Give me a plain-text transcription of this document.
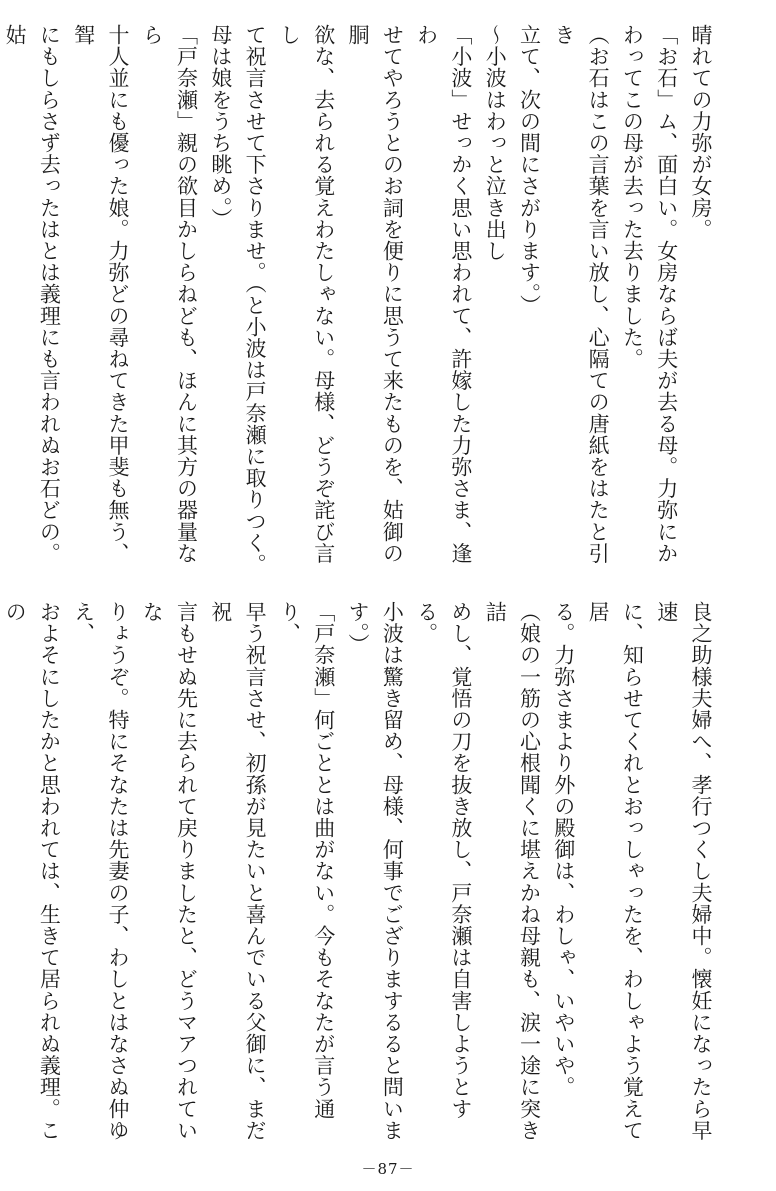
晴れての力弥が女房。

「お石」ム、面白い。女房ならば夫が去る母。力弥にか

わってこの母が去った去りました。

（お石はこの言葉を言い放し、心隔ての唐紙をはたと引き

立て、次の間にさがります。）

～小波はわっと泣き出し

「小波」せっかく思い思われて、許嫁した力弥さま、逢わ

せてやろうとのお詞を便りに思うて来たものを、姑御の胴

欲な、去られる覚えわたしゃない。母様、どうぞ詫び言し

て祝言させて下さりませ。（と小波は戸奈瀬に取りつく。

母は娘をうち眺め。）

「戸奈瀬」親の欲目かしらねども、ほんに其方の器量なら

十人並にも優った娘。力弥どの尋ねてきた甲斐も無う、聟

にもしらさず去ったはとは義理にも言われぬお石どの。姑

良之助様夫婦へ、孝行つくし夫婦中。懐妊になったら早速

に、知らせてくれとおっしゃったを、わしゃよう覚えて居

る。力弥さまより外の殿御は、わしゃ、いやいや。

（娘の一筋の心根聞くに堪えかね母親も、涙一途に突き詰

めし、覚悟の刀を抜き放し、戸奈瀬は自害しようとする。

小波は驚き留め、母様、何事でござりまするると問います。）

「戸奈瀬」何ごととは曲がない。今もそなたが言う通り、

早う祝言させ、初孫が見たいと喜んでいる父御に、まだ祝

言もせぬ先に去られて戻りましたと、どうマアつれていな

りょうぞ。特にそなたは先妻の子、わしとはなさぬ仲ゆえ、

およそにしたかと思われては、生きて居られぬ義理。この

－87－
